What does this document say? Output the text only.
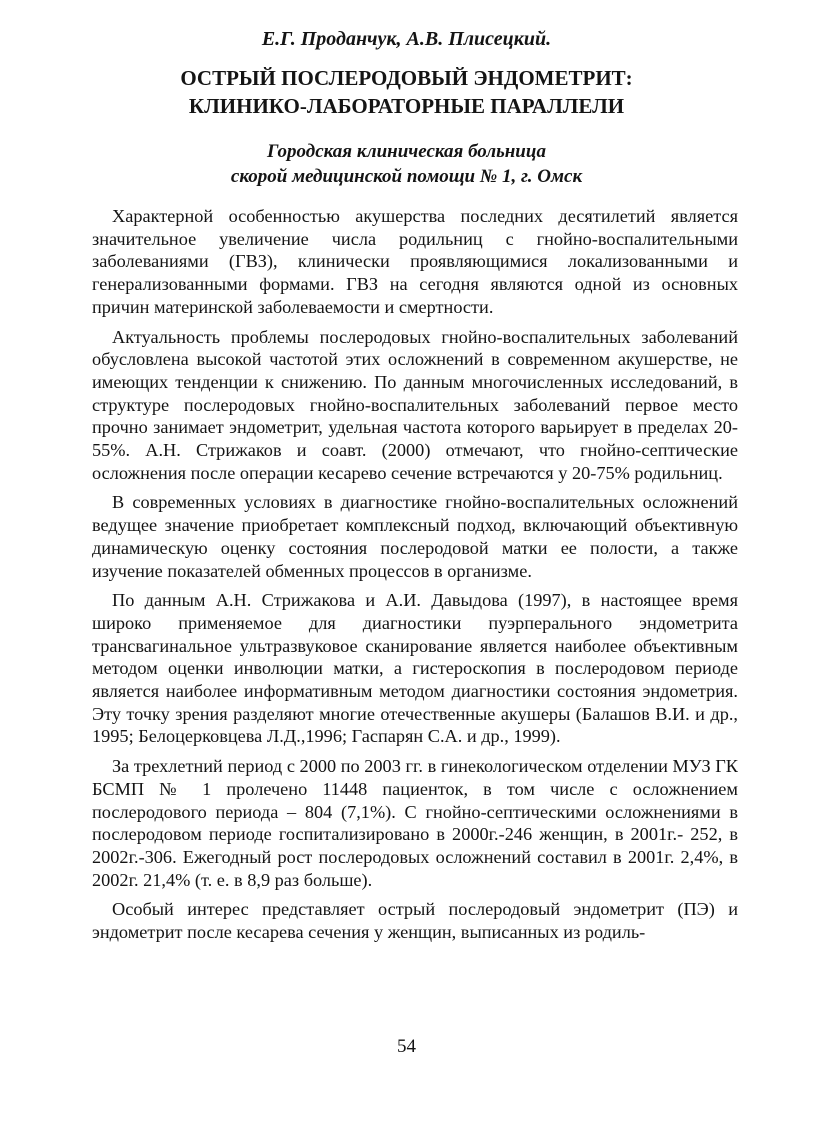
Е.Г. Проданчук, А.В. Плисецкий.
ОСТРЫЙ ПОСЛЕРОДОВЫЙ ЭНДОМЕТРИТ:
КЛИНИКО-ЛАБОРАТОРНЫЕ ПАРАЛЛЕЛИ
Городская клиническая больница
скорой медицинской помощи № 1, г. Омск

Характерной особенностью акушерства последних десятилетий является значительное увеличение числа родильниц с гнойно-воспалительными заболеваниями (ГВЗ), клинически проявляющимися локализованными и генерализованными формами. ГВЗ на сегодня являются одной из основных причин материнской заболеваемости и смертности.

Актуальность проблемы послеродовых гнойно-воспалительных заболеваний обусловлена высокой частотой этих осложнений в современном акушерстве, не имеющих тенденции к снижению. По данным многочисленных исследований, в структуре послеродовых гнойно-воспалительных заболеваний первое место прочно занимает эндометрит, удельная частота которого варьирует в пределах 20-55%. А.Н. Стрижаков и соавт. (2000) отмечают, что гнойно-септические осложнения после операции кесарево сечение встречаются у 20-75% родильниц.

В современных условиях в диагностике гнойно-воспалительных осложнений ведущее значение приобретает комплексный подход, включающий объективную динамическую оценку состояния послеродовой матки ее полости, а также изучение показателей обменных процессов в организме.

По данным А.Н. Стрижакова и А.И. Давыдова (1997), в настоящее время широко применяемое для диагностики пуэрперального эндометрита трансвагинальное ультразвуковое сканирование является наиболее объективным методом оценки инволюции матки, а гистероскопия в послеродовом периоде является наиболее информативным методом диагностики состояния эндометрия. Эту точку зрения разделяют многие отечественные акушеры (Балашов В.И. и др., 1995; Белоцерковцева Л.Д.,1996; Гаспарян С.А. и др., 1999).

За трехлетний период с 2000 по 2003 гг. в гинекологическом отделении МУЗ ГК БСМП № 1 пролечено 11448 пациенток, в том числе с осложнением послеродового периода – 804 (7,1%). С гнойно-септическими осложнениями в послеродовом периоде госпитализировано в 2000г.-246 женщин, в 2001г.- 252, в 2002г.-306. Ежегодный рост послеродовых осложнений составил в 2001г. 2,4%, в 2002г. 21,4% (т. е. в 8,9 раз больше).

Особый интерес представляет острый послеродовый эндометрит (ПЭ) и эндометрит после кесарева сечения у женщин, выписанных из родиль-

54
